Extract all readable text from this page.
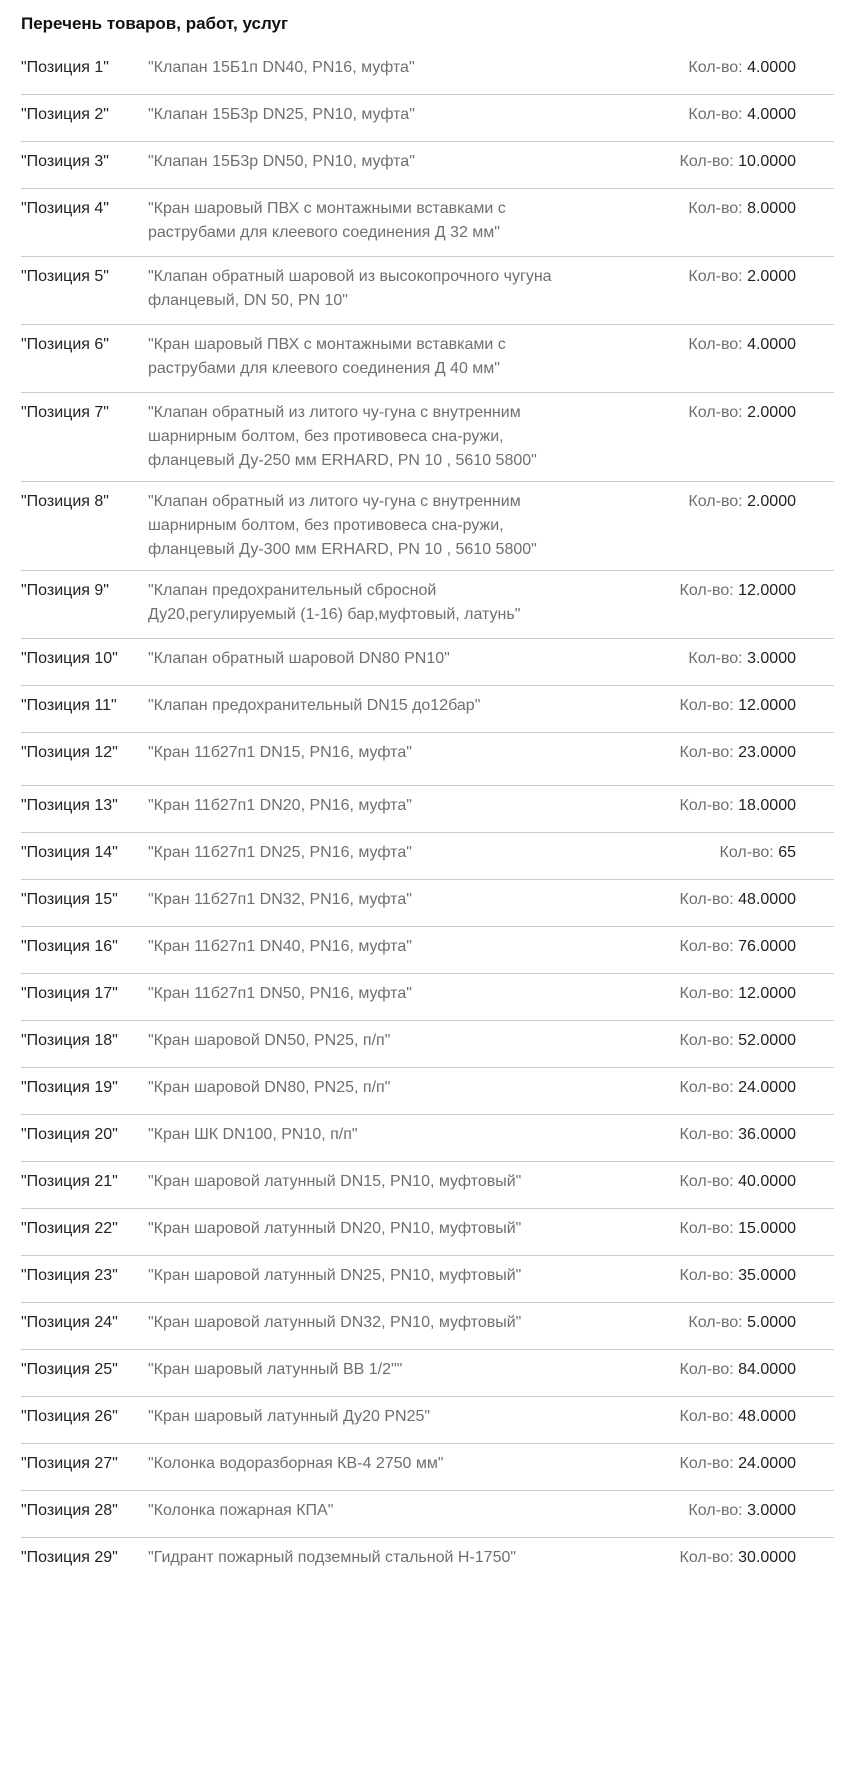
Перечень товаров, работ, услуг
"Позиция 1"	"Клапан 15Б1п DN40, PN16, муфта"	Кол-во: 4.0000
"Позиция 2"	"Клапан 15Б3р DN25, PN10, муфта"	Кол-во: 4.0000
"Позиция 3"	"Клапан 15Б3р DN50, PN10, муфта"	Кол-во: 10.0000
"Позиция 4"	"Кран шаровый ПВХ с монтажными вставками с
раструбами для клеевого соединения Д 32 мм"
Кол-во: 8.0000
"Позиция 5"	"Клапан обратный шаровой из высокопрочного чугуна
фланцевый, DN 50, PN 10"
Кол-во: 2.0000
"Позиция 6"	"Кран шаровый ПВХ с монтажными вставками с
раструбами для клеевого соединения Д 40 мм"
Кол-во: 4.0000
"Позиция 7"	"Клапан обратный из литого чу-гуна с внутренним
шарнирным болтом, без противовеса сна-ружи,
фланцевый Ду-250 мм ERHARD, PN 10 , 5610 5800"
Кол-во: 2.0000
"Позиция 8"	"Клапан обратный из литого чу-гуна с внутренним
шарнирным болтом, без противовеса сна-ружи,
фланцевый Ду-300 мм ERHARD, PN 10 , 5610 5800"
Кол-во: 2.0000
"Позиция 9"	"Клапан предохранительный сбросной
Ду20,регулируемый (1-16) бар,муфтовый, латунь"
Кол-во: 12.0000
"Позиция 10"	"Клапан обратный шаровой DN80 PN10"	Кол-во: 3.0000
"Позиция 11"	"Клапан предохранительный DN15 до12бар"	Кол-во: 12.0000
"Позиция 12"	"Кран 11б27п1 DN15, PN16, муфта"	Кол-во: 23.0000
"Позиция 13"	"Кран 11б27п1 DN20, PN16, муфта"	Кол-во: 18.0000
"Позиция 14"	"Кран 11б27п1 DN25, PN16, муфта"	Кол-во: 65
"Позиция 15"	"Кран 11б27п1 DN32, PN16, муфта"	Кол-во: 48.0000
"Позиция 16"	"Кран 11б27п1 DN40, PN16, муфта"	Кол-во: 76.0000
"Позиция 17"	"Кран 11б27п1 DN50, PN16, муфта"	Кол-во: 12.0000
"Позиция 18"	"Кран шаровой DN50, PN25, п/п"	Кол-во: 52.0000
"Позиция 19"	"Кран шаровой DN80, PN25, п/п"	Кол-во: 24.0000
"Позиция 20"	"Кран ШК DN100, PN10, п/п"	Кол-во: 36.0000
"Позиция 21"	"Кран шаровой латунный DN15, PN10, муфтовый"	Кол-во: 40.0000
"Позиция 22"	"Кран шаровой латунный DN20, PN10, муфтовый"	Кол-во: 15.0000
"Позиция 23"	"Кран шаровой латунный DN25, PN10, муфтовый"	Кол-во: 35.0000
"Позиция 24"	"Кран шаровой латунный DN32, PN10, муфтовый"	Кол-во: 5.0000
"Позиция 25"	"Кран шаровый латунный ВВ 1/2""	Кол-во: 84.0000
"Позиция 26"	"Кран шаровый латунный Ду20 PN25"	Кол-во: 48.0000
"Позиция 27"	"Колонка водоразборная КВ-4 2750 мм"	Кол-во: 24.0000
"Позиция 28"	"Колонка пожарная КПА"	Кол-во: 3.0000
"Позиция 29"	"Гидрант пожарный подземный стальной Н-1750"	Кол-во: 30.0000
